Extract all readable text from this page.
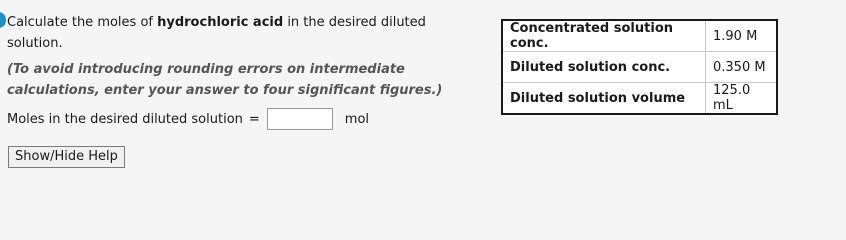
Calculate the moles of hydrochloric acid in the desired diluted solution.
(To avoid introducing rounding errors on intermediate calculations, enter your answer to four significant figures.)
Moles in the desired diluted solution =	mol
Show/Hide Help
Concentrated solution conc.	1.90 M
Diluted solution conc.	0.350 M
Diluted solution volume	125.0 mL
